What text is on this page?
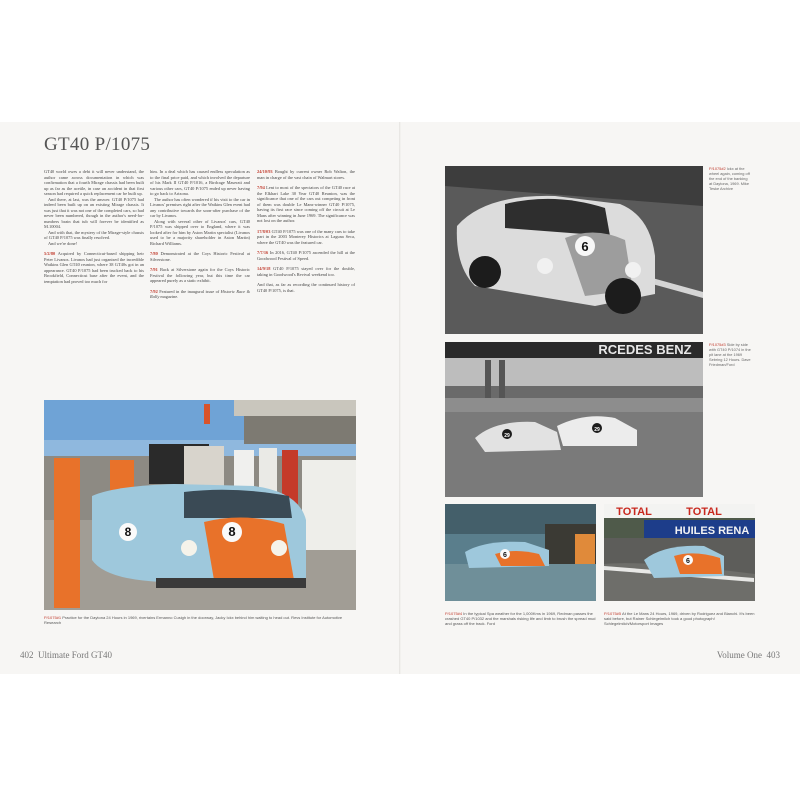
GT40 P/1075

GT40 world owes a debt it will never understand, the author came across documentation in which was confirmation that a fourth Mirage chassis had been built up as far as the acetile, in case an accident in that first season had required a quick replacement car be built up.

And there, at last, was the answer. GT40 P/1075 had indeed been built up on an existing Mirage chassis. It was just that it was not one of the completed cars, so had never been numbered, though in the author's need-for-numbers brain that tub will forever be identified as M.10004.

And with that, the mystery of the Mirage-style chassis of GT40 P/1075 was finally resolved.

And we're done!

5/2/80 Acquired by Connecticut-based shipping heir Peter Livanos. Livanos had just organised the incredible Watkins Glen GT40 reunion, where 38 GT40s got in an appearance. GT40 P/1075 had been trucked back to his Brookfield, Connecticut base after the event, and the temptation had proved too much for

him. In a deal which has caused endless speculation as to the final price paid, and which involved the departure of his Mark II GT40 P/1016, a Birdcage Maserati and various other cars, GT40 P/1075 ended up never having to go back to Arizona.

The author has often wondered if his visit to the car in Livanos' premises right after the Watkins Glen event had any contributive towards the soon-after purchase of the car by Livanos.

Along with several other of Livanos' cars, GT40 P/1075 was shipped over to England, where it was looked after for him by Aston Martin specialist (Livanos used to be a majority shareholder in Aston Martin) Richard Williams.

7/80 Demonstrated at the Coys Historic Festival at Silverstone.

7/91 Back at Silverstone again for the Coys Historic Festival the following year, but this time the car appeared purely as a static exhibit.

7/92 Featured in the inaugural issue of Historic Race & Rally magazine.

24/10/93 Bought by current owner Rob Walton, the man in charge of the vast chain of Walmart stores.

7/94 Lent to most of the spectators of the GT40 race at the Elkhart Lake 30 Year GT40 Reunion, was the significance that one of the cars out competing in front of them was double Le Mans-winner GT40 P/1075, having its first race since coming off the circuit at Le Mans after winning in June 1969. The significance was not lost on the author.

17/8/03 GT40 P/1075 was one of the many cars to take part in the 2003 Monterey Historics at Laguna Seca, where the GT40 was the featured car.

7/7/16 In 2016, GT40 P/1075 ascended the hill at the Goodwood Festival of Speed.

14/9/18 GT40 P/1075 stayed over for the double, taking in Goodwood's Revival weekend too.

And that, as far as recording the continued history of GT40 P/1075, is that.

8
8
P/1075#1 Practice for the Daytona 24 Hours in 1969, rivertains Ermanno Cusigh in the doorway, Jacky Ickx behind him waiting to head out. Revs Institute for Automotive Research
6
P/1075#2 Ickx at the wheel again, coming off the end of the banking at Daytona, 1969. Mike Teske Archive
RCEDES BENZ
29
29
P/1075#3 Side by side with GT40 P/1074 in the pit lane at the 1969 Sebring 12 Hours. Dave Friedman/Ford
6
P/1075#4 In the typical Spa weather for the 1,000Kms in 1969, Redman passes the crashed GT40 P/1032 and the marshals risking life and limb to brush the spread mud and grass off the track. Ford
TOTAL	TOTAL
HUILES RENA
6
P/1075#5 At the Le Mans 24 Hours, 1969, driven by Rodriguez and Bianchi. It's been said before, but Rainer Schlegelmilch took a good photograph! Schlegelmilch/Motorsport Images
402 Ultimate Ford GT40	Volume One 403
